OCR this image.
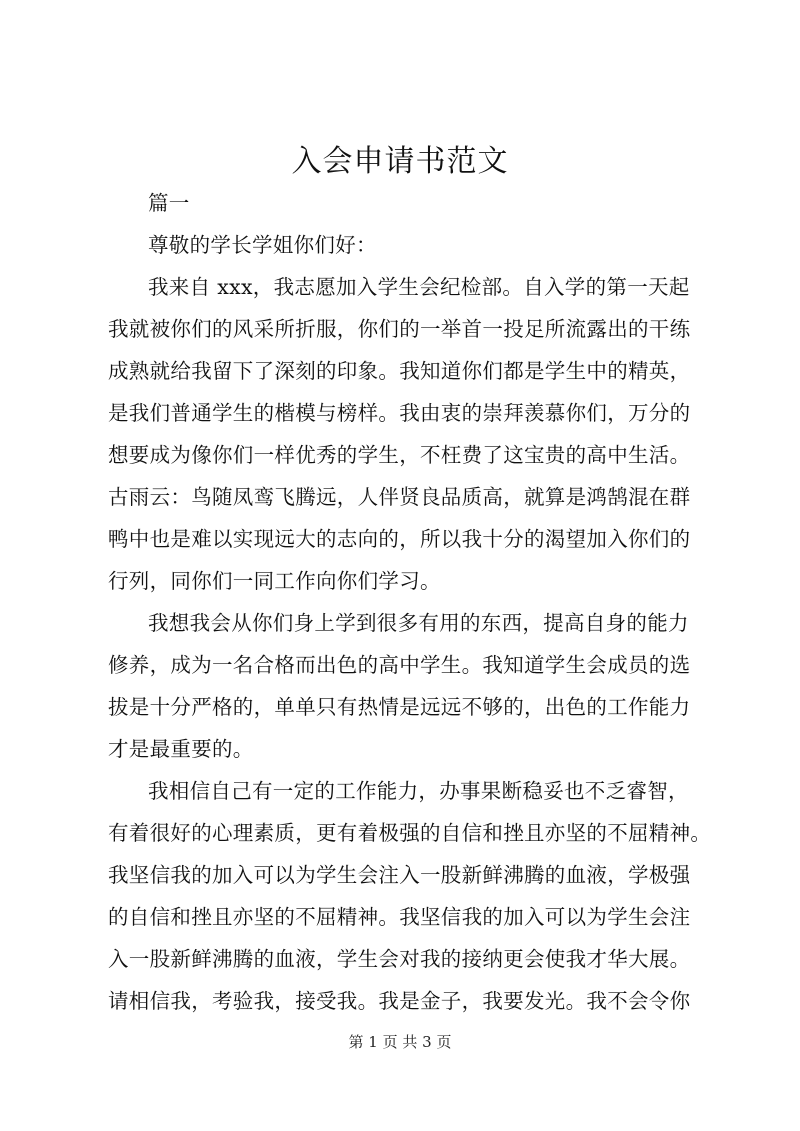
入会申请书范文
篇一
尊敬的学长学姐你们好：
我来自 xxx，我志愿加入学生会纪检部。自入学的第一天起
我就被你们的风采所折服，你们的一举首一投足所流露出的干练
成熟就给我留下了深刻的印象。我知道你们都是学生中的精英，
是我们普通学生的楷模与榜样。我由衷的崇拜羡慕你们，万分的
想要成为像你们一样优秀的学生，不枉费了这宝贵的高中生活。
古雨云：鸟随凤鸾飞腾远，人伴贤良品质高，就算是鸿鹄混在群
鸭中也是难以实现远大的志向的，所以我十分的渴望加入你们的
行列，同你们一同工作向你们学习。
我想我会从你们身上学到很多有用的东西，提高自身的能力
修养，成为一名合格而出色的高中学生。我知道学生会成员的选
拔是十分严格的，单单只有热情是远远不够的，出色的工作能力
才是最重要的。
我相信自己有一定的工作能力，办事果断稳妥也不乏睿智，
有着很好的心理素质，更有着极强的自信和挫且亦坚的不屈精神。
我坚信我的加入可以为学生会注入一股新鲜沸腾的血液，学极强
的自信和挫且亦坚的不屈精神。我坚信我的加入可以为学生会注
入一股新鲜沸腾的血液，学生会对我的接纳更会使我才华大展。
请相信我，考验我，接受我。我是金子，我要发光。我不会令你
第 1 页 共 3 页
